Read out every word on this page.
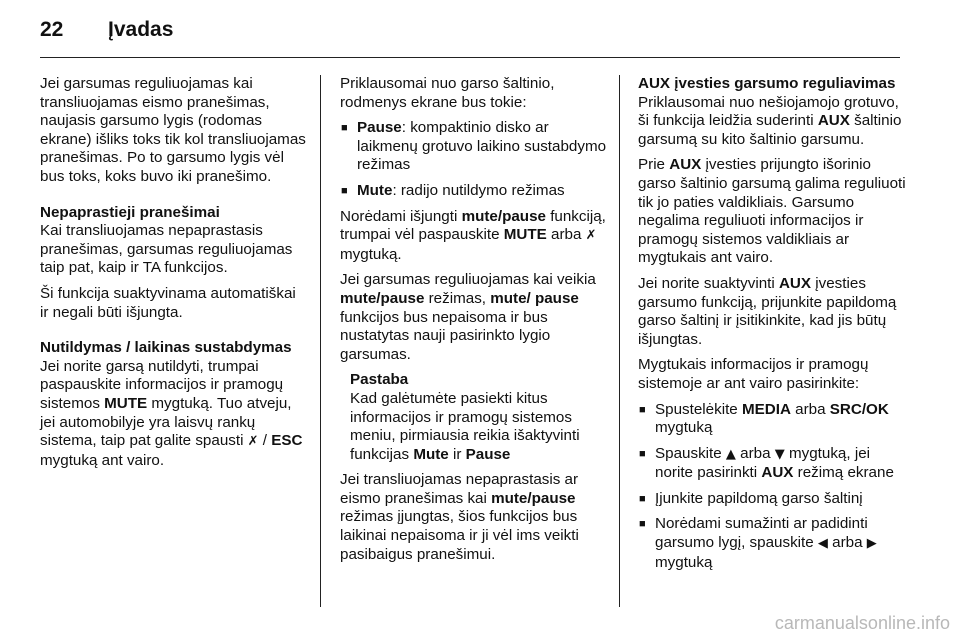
22 Įvadas

Jei garsumas reguliuojamas kai transliuojamas eismo pranešimas, naujasis garsumo lygis (rodomas ekrane) išliks toks tik kol transliuojamas pranešimas. Po to garsumo lygis vėl bus toks, koks buvo iki pranešimo.

Nepaprastieji pranešimai

Kai transliuojamas nepaprastasis pranešimas, garsumas reguliuojamas taip pat, kaip ir TA funkcijos.

Ši funkcija suaktyvinama automatiškai ir negali būti išjungta.

Nutildymas / laikinas sustabdymas

Jei norite garsą nutildyti, trumpai paspauskite informacijos ir pramogų sistemos MUTE mygtuką. Tuo atveju, jei automobilyje yra laisvų rankų sistema, taip pat galite spausti ✗ / ESC mygtuką ant vairo.

Priklausomai nuo garso šaltinio, rodmenys ekrane bus tokie:

■ Pause: kompaktinio disko ar laikmenų grotuvo laikino sustabdymo režimas
■ Mute: radijo nutildymo režimas

Norėdami išjungti mute/pause funkciją, trumpai vėl paspauskite MUTE arba ✗ mygtuką.

Jei garsumas reguliuojamas kai veikia mute/pause režimas, mute/ pause funkcijos bus nepaisoma ir bus nustatytas nauji pasirinkto lygio garsumas.

Pastaba
Kad galėtumėte pasiekti kitus informacijos ir pramogų sistemos meniu, pirmiausia reikia išaktyvinti funkcijas Mute ir Pause

Jei transliuojamas nepaprastasis ar eismo pranešimas kai mute/pause režimas įjungtas, šios funkcijos bus laikinai nepaisoma ir ji vėl ims veikti pasibaigus pranešimui.

AUX įvesties garsumo reguliavimas

Priklausomai nuo nešiojamojo grotuvo, ši funkcija leidžia suderinti AUX šaltinio garsumą su kito šaltinio garsumu.

Prie AUX įvesties prijungto išorinio garso šaltinio garsumą galima reguliuoti tik jo paties valdikliais. Garsumo negalima reguliuoti informacijos ir pramogų sistemos valdikliais ar mygtukais ant vairo.

Jei norite suaktyvinti AUX įvesties garsumo funkciją, prijunkite papildomą garso šaltinį ir įsitikinkite, kad jis būtų išjungtas.

Mygtukais informacijos ir pramogų sistemoje ar ant vairo pasirinkite:

■ Spustelėkite MEDIA arba SRC/OK mygtuką
■ Spauskite ▲ arba ▼ mygtuką, jei norite pasirinkti AUX režimą ekrane
■ Įjunkite papildomą garso šaltinį
■ Norėdami sumažinti ar padidinti garsumo lygį, spauskite ◀ arba ▶ mygtuką
carmanualsonline.info
